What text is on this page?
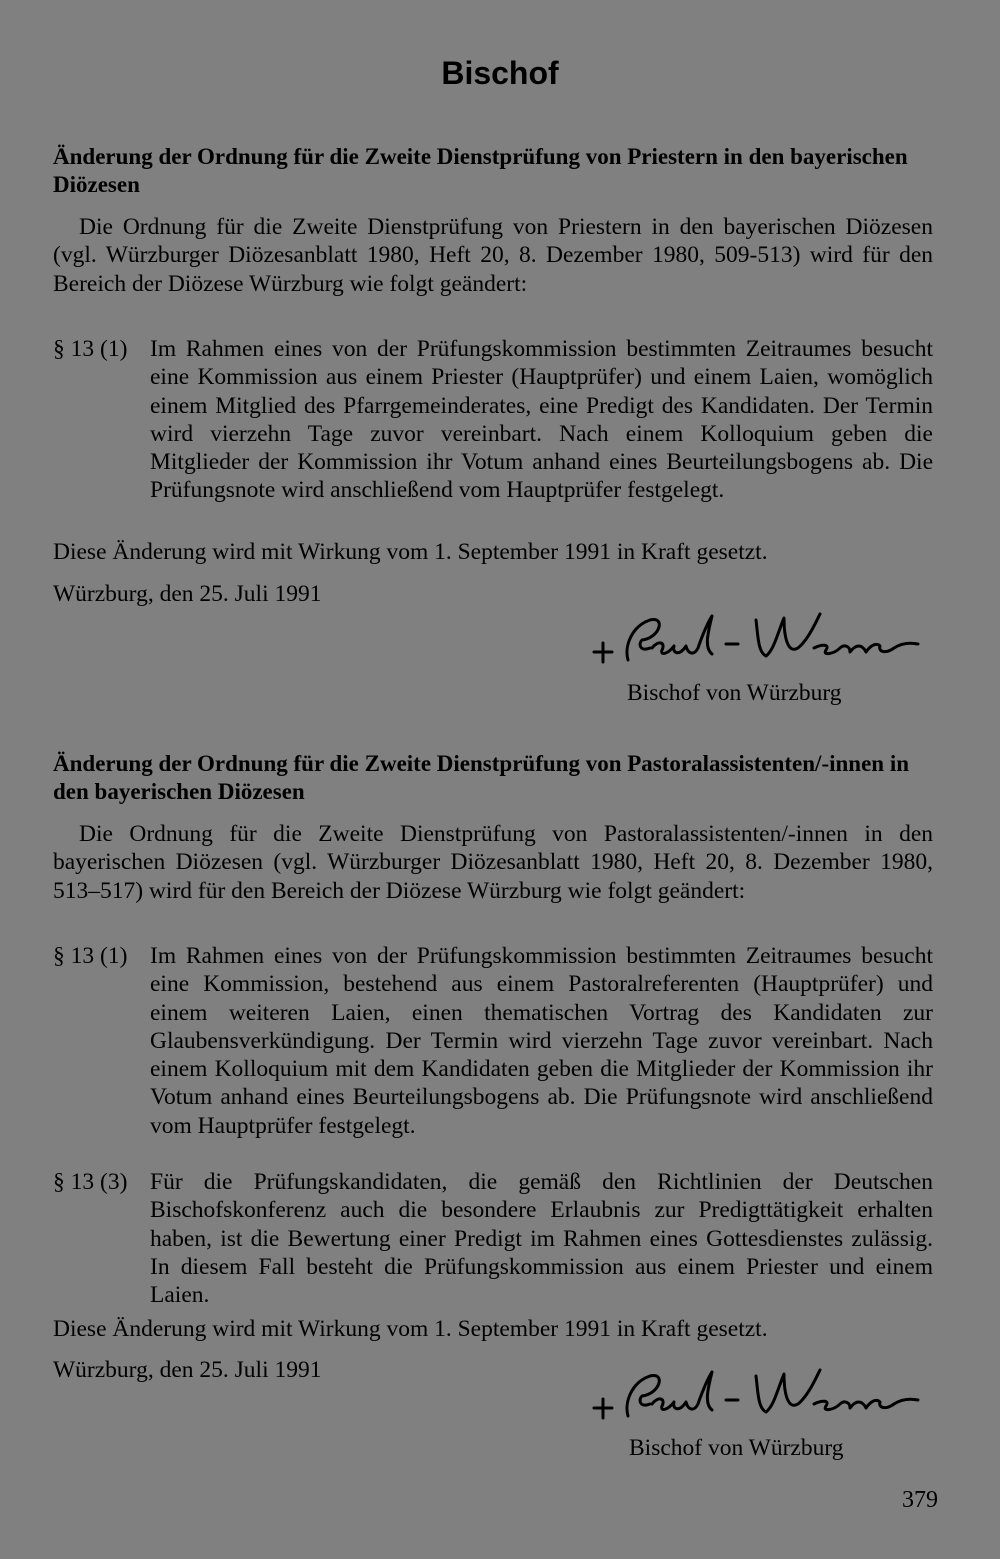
Bischof
Änderung der Ordnung für die Zweite Dienstprüfung von Priestern in den bayerischen Diözesen
Die Ordnung für die Zweite Dienstprüfung von Priestern in den bayerischen Diözesen (vgl. Würzburger Diözesanblatt 1980, Heft 20, 8. Dezember 1980, 509-513) wird für den Bereich der Diözese Würzburg wie folgt geändert:
§ 13 (1) Im Rahmen eines von der Prüfungskommission bestimmten Zeitraumes besucht eine Kommission aus einem Priester (Hauptprüfer) und einem Laien, womöglich einem Mitglied des Pfarrgemeinderates, eine Predigt des Kandidaten. Der Termin wird vierzehn Tage zuvor vereinbart. Nach einem Kolloquium geben die Mitglieder der Kommission ihr Votum anhand eines Beurteilungsbogens ab. Die Prüfungsnote wird anschließend vom Hauptprüfer festgelegt.
Diese Änderung wird mit Wirkung vom 1. September 1991 in Kraft gesetzt.
Würzburg, den 25. Juli 1991
Bischof von Würzburg
Änderung der Ordnung für die Zweite Dienstprüfung von Pastoralassistenten/-innen in den bayerischen Diözesen
Die Ordnung für die Zweite Dienstprüfung von Pastoralassistenten/-innen in den bayerischen Diözesen (vgl. Würzburger Diözesanblatt 1980, Heft 20, 8. Dezember 1980, 513–517) wird für den Bereich der Diözese Würzburg wie folgt geändert:
§ 13 (1) Im Rahmen eines von der Prüfungskommission bestimmten Zeitraumes besucht eine Kommission, bestehend aus einem Pastoralreferenten (Hauptprüfer) und einem weiteren Laien, einen thematischen Vortrag des Kandidaten zur Glaubensverkündigung. Der Termin wird vierzehn Tage zuvor vereinbart. Nach einem Kolloquium mit dem Kandidaten geben die Mitglieder der Kommission ihr Votum anhand eines Beurteilungsbogens ab. Die Prüfungsnote wird anschließend vom Hauptprüfer festgelegt.
§ 13 (3) Für die Prüfungskandidaten, die gemäß den Richtlinien der Deutschen Bischofskonferenz auch die besondere Erlaubnis zur Predigttätigkeit erhalten haben, ist die Bewertung einer Predigt im Rahmen eines Gottesdienstes zulässig. In diesem Fall besteht die Prüfungskommission aus einem Priester und einem Laien.
Diese Änderung wird mit Wirkung vom 1. September 1991 in Kraft gesetzt.
Würzburg, den 25. Juli 1991
Bischof von Würzburg
379
